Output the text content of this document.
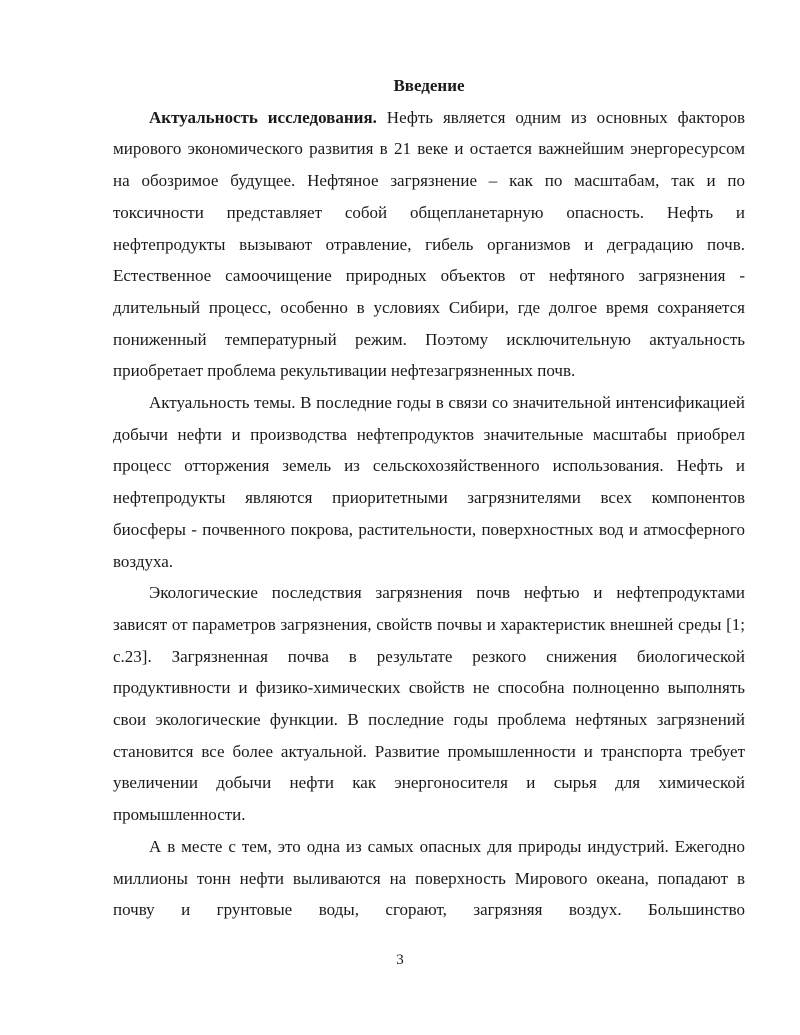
Введение

Актуальность исследования. Нефть является одним из основных факторов мирового экономического развития в 21 веке и остается важнейшим энергоресурсом на обозримое будущее. Нефтяное загрязнение – как по масштабам, так и по токсичности представляет собой общепланетарную опасность. Нефть и нефтепродукты вызывают отравление, гибель организмов и деградацию почв. Естественное самоочищение природных объектов от нефтяного загрязнения - длительный процесс, особенно в условиях Сибири, где долгое время сохраняется пониженный температурный режим. Поэтому исключительную актуальность приобретает проблема рекультивации нефтезагрязненных почв.

Актуальность темы. В последние годы в связи со значительной интенсификацией добычи нефти и производства нефтепродуктов значительные масштабы приобрел процесс отторжения земель из сельскохозяйственного использования. Нефть и нефтепродукты являются приоритетными загрязнителями всех компонентов биосферы - почвенного покрова, растительности, поверхностных вод и атмосферного воздуха.

Экологические последствия загрязнения почв нефтью и нефтепродуктами зависят от параметров загрязнения, свойств почвы и характеристик внешней среды [1; с.23]. Загрязненная почва в результате резкого снижения биологической продуктивности и физико-химических свойств не способна полноценно выполнять свои экологические функции. В последние годы проблема нефтяных загрязнений становится все более актуальной. Развитие промышленности и транспорта требует увеличении добычи нефти как энергоносителя и сырья для химической промышленности.

А в месте с тем, это одна из самых опасных для природы индустрий. Ежегодно миллионы тонн нефти выливаются на поверхность Мирового океана, попадают в почву и грунтовые воды, сгорают, загрязняя воздух. Большинство

3
